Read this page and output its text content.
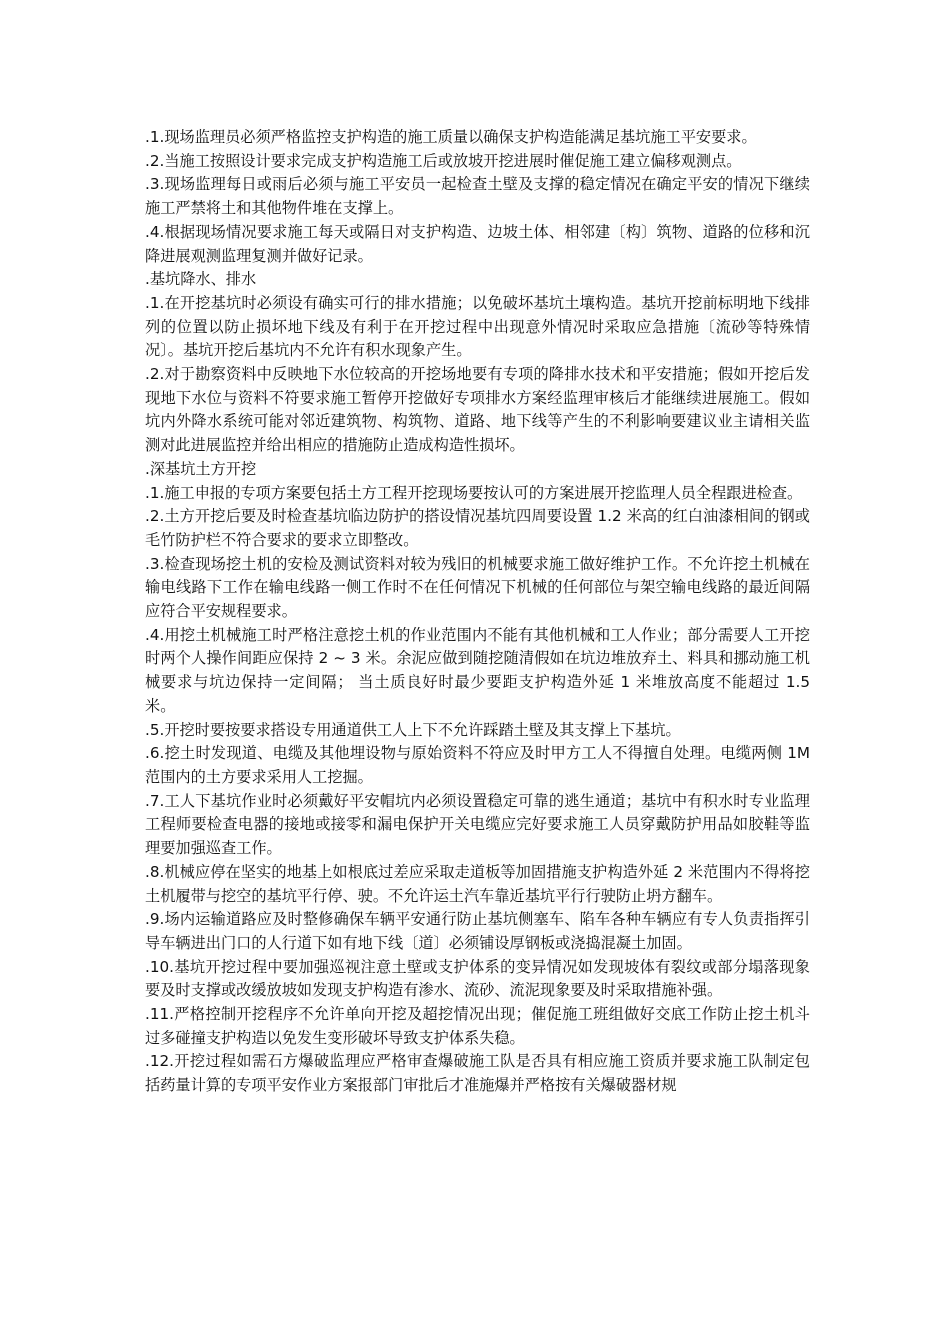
.1.现场监理员必须严格监控支护构造的施工质量以确保支护构造能满足基坑施工平安要求。

.2.当施工按照设计要求完成支护构造施工后或放坡开挖进展时催促施工建立偏移观测点。

.3.现场监理每日或雨后必须与施工平安员一起检查土壁及支撑的稳定情况在确定平安的情况下继续施工严禁将土和其他物件堆在支撑上。

.4.根据现场情况要求施工每天或隔日对支护构造、边坡土体、相邻建〔构〕筑物、道路的位移和沉降进展观测监理复测并做好记录。

.基坑降水、排水

.1.在开挖基坑时必须设有确实可行的排水措施；以免破坏基坑土壤构造。基坑开挖前标明地下线排列的位置以防止损坏地下线及有利于在开挖过程中出现意外情况时采取应急措施〔流砂等特殊情况〕。基坑开挖后基坑内不允许有积水现象产生。

.2.对于勘察资料中反映地下水位较高的开挖场地要有专项的降排水技术和平安措施；假如开挖后发现地下水位与资料不符要求施工暂停开挖做好专项排水方案经监理审核后才能继续进展施工。假如坑内外降水系统可能对邻近建筑物、构筑物、道路、地下线等产生的不利影响要建议业主请相关监测对此进展监控并给出相应的措施防止造成构造性损坏。

.深基坑土方开挖

.1.施工申报的专项方案要包括土方工程开挖现场要按认可的方案进展开挖监理人员全程跟进检查。

.2.土方开挖后要及时检查基坑临边防护的搭设情况基坑四周要设置 1.2 米高的红白油漆相间的钢或毛竹防护栏不符合要求的要求立即整改。

.3.检查现场挖土机的安检及测试资料对较为残旧的机械要求施工做好维护工作。不允许挖土机械在输电线路下工作在输电线路一侧工作时不在任何情况下机械的任何部位与架空输电线路的最近间隔 应符合平安规程要求。

.4.用挖土机械施工时严格注意挖土机的作业范围内不能有其他机械和工人作业；部分需要人工开挖时两个人操作间距应保持 2 ~ 3 米。余泥应做到随挖随清假如在坑边堆放弃土、料具和挪动施工机械要求与坑边保持一定间隔； 当土质良好时最少要距支护构造外延 1 米堆放高度不能超过 1.5 米。

.5.开挖时要按要求搭设专用通道供工人上下不允许踩踏土壁及其支撑上下基坑。

.6.挖土时发现道、电缆及其他埋设物与原始资料不符应及时甲方工人不得擅自处理。电缆两侧 1M 范围内的土方要求采用人工挖掘。

.7.工人下基坑作业时必须戴好平安帽坑内必须设置稳定可靠的逃生通道；基坑中有积水时专业监理工程师要检查电器的接地或接零和漏电保护开关电缆应完好要求施工人员穿戴防护用品如胶鞋等监理要加强巡查工作。

.8.机械应停在坚实的地基上如根底过差应采取走道板等加固措施支护构造外延 2 米范围内不得将挖土机履带与挖空的基坑平行停、驶。不允许运土汽车靠近基坑平行行驶防止坍方翻车。

.9.场内运输道路应及时整修确保车辆平安通行防止基坑侧塞车、陷车各种车辆应有专人负责指挥引导车辆进出门口的人行道下如有地下线〔道〕必须铺设厚钢板或浇捣混凝土加固。

.10.基坑开挖过程中要加强巡视注意土壁或支护体系的变异情况如发现坡体有裂纹或部分塌落现象要及时支撑或改缓放坡如发现支护构造有渗水、流砂、流泥现象要及时采取措施补强。

.11.严格控制开挖程序不允许单向开挖及超挖情况出现；催促施工班组做好交底工作防止挖土机斗过多碰撞支护构造以免发生变形破坏导致支护体系失稳。

.12.开挖过程如需石方爆破监理应严格审查爆破施工队是否具有相应施工资质并要求施工队制定包括药量计算的专项平安作业方案报部门审批后才准施爆并严格按有关爆破器材规
